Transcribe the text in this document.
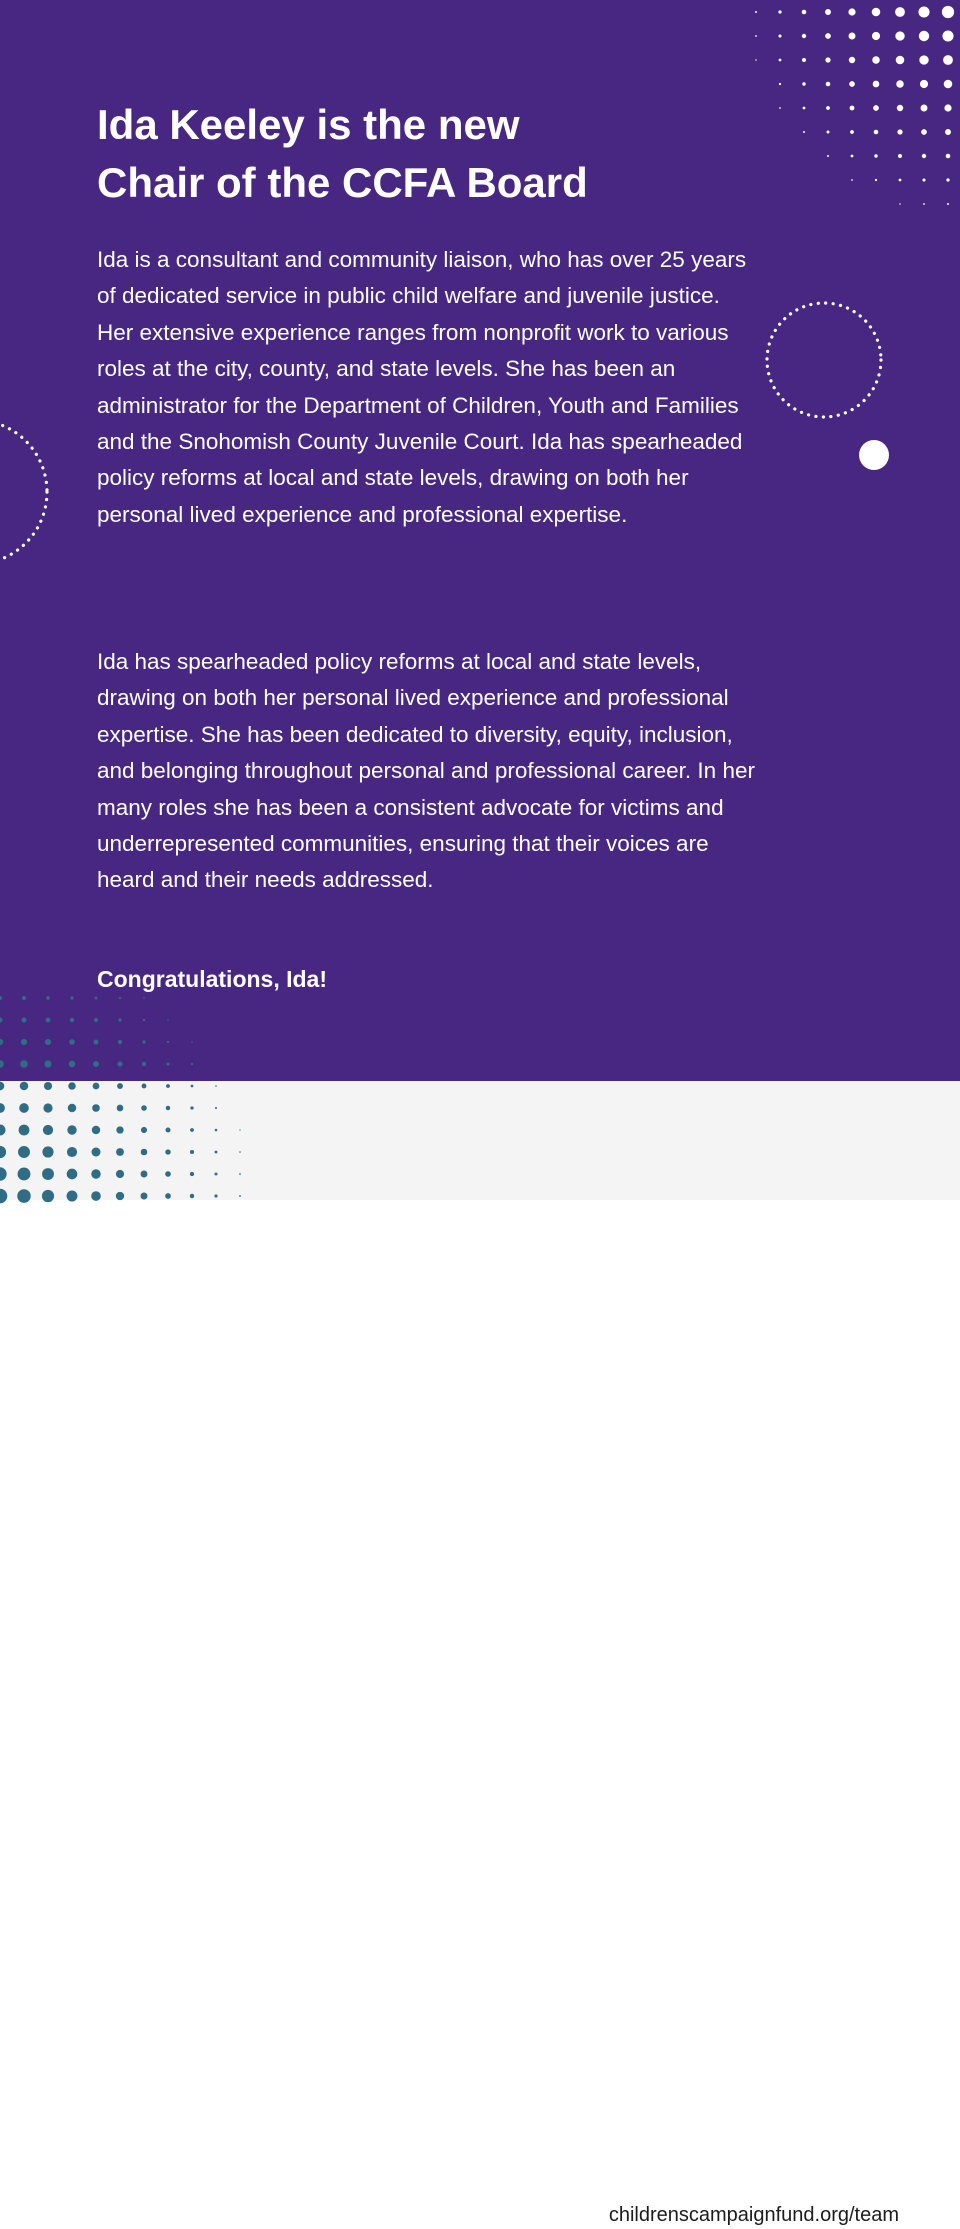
Ida Keeley is the new
Chair of the CCFA Board

Ida is a consultant and community liaison, who has over 25 years of dedicated service in public child welfare and juvenile justice. Her extensive experience ranges from nonprofit work to various roles at the city, county, and state levels. She has been an administrator for the Department of Children, Youth and Families and the Snohomish County Juvenile Court. Ida has spearheaded policy reforms at local and state levels, drawing on both her personal lived experience and professional expertise.

Ida has spearheaded policy reforms at local and state levels, drawing on both her personal lived experience and professional expertise. She has been dedicated to diversity, equity, inclusion, and belonging throughout personal and professional career. In her many roles she has been a consistent advocate for victims and underrepresented communities, ensuring that their voices are heard and their needs addressed.

Congratulations, Ida!

childrenscampaignfund.org/team
